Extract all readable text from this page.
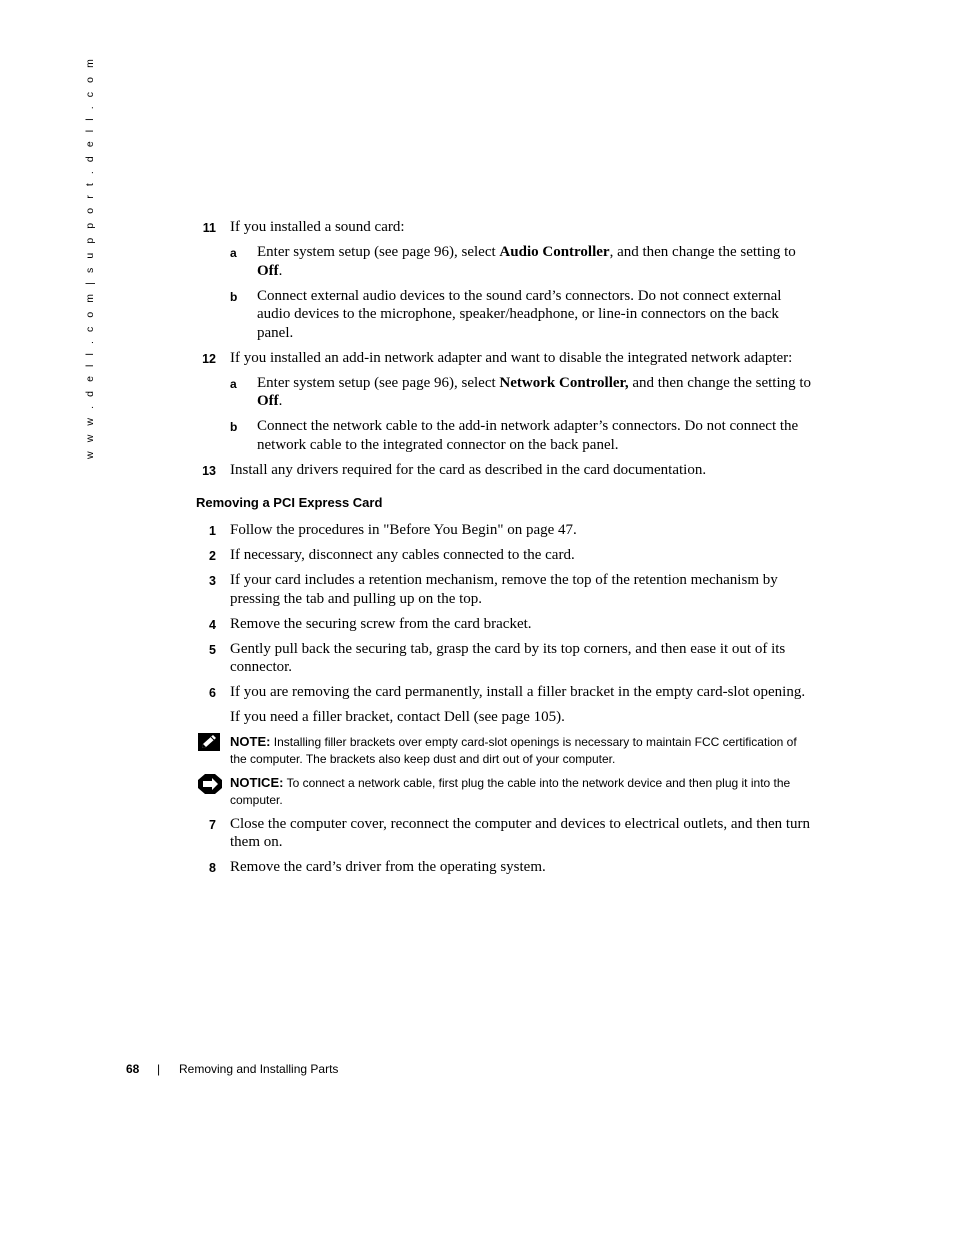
w w w . d e l l . c o m | s u p p o r t . d e l l . c o m	11 If you installed a sound card:
a Enter system setup (see page 96), select Audio Controller, and then change the setting to Off.
b Connect external audio devices to the sound card’s connectors. Do not connect external audio devices to the microphone, speaker/headphone, or line-in connectors on the back panel.
12 If you installed an add-in network adapter and want to disable the integrated network adapter:
a Enter system setup (see page 96), select Network Controller, and then change the setting to Off.
b Connect the network cable to the add-in network adapter’s connectors. Do not connect the network cable to the integrated connector on the back panel.
13 Install any drivers required for the card as described in the card documentation.
Removing a PCI Express Card
1 Follow the procedures in "Before You Begin" on page 47.
2 If necessary, disconnect any cables connected to the card.
3 If your card includes a retention mechanism, remove the top of the retention mechanism by pressing the tab and pulling up on the top.
4 Remove the securing screw from the card bracket.
5 Gently pull back the securing tab, grasp the card by its top corners, and then ease it out of its connector.
6 If you are removing the card permanently, install a filler bracket in the empty card-slot opening.
If you need a filler bracket, contact Dell (see page 105).
NOTE: Installing filler brackets over empty card-slot openings is necessary to maintain FCC certification of the computer. The brackets also keep dust and dirt out of your computer.
NOTICE: To connect a network cable, first plug the cable into the network device and then plug it into the computer.
7 Close the computer cover, reconnect the computer and devices to electrical outlets, and then turn them on.
8 Remove the card’s driver from the operating system.
68 | Removing and Installing Parts
